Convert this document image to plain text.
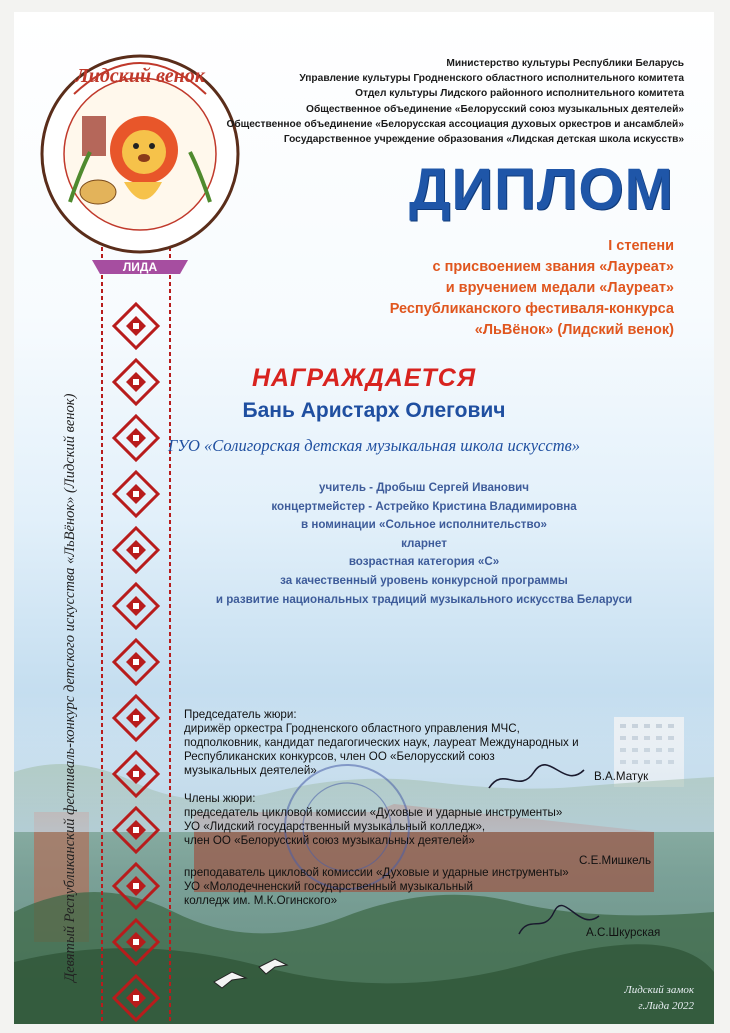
ЛИДА
Лидский венок
Девятый Республиканский фестиваль-конкурс детского искусства «ЛьВёнок» (Лидский венок)
Министерство культуры Республики Беларусь
Управление культуры Гродненского областного исполнительного комитета
Отдел культуры Лидского районного исполнительного комитета
Общественное объединение «Белорусский союз музыкальных деятелей»
Общественное объединение «Белорусская ассоциация духовых оркестров и ансамблей»
Государственное учреждение образования «Лидская детская школа искусств»
ДИПЛОМ
I степени
с присвоением звания «Лауреат»
и вручением медали «Лауреат»
Республиканского фестиваля-конкурса
«ЛьВёнок» (Лидский венок)
НАГРАЖДАЕТСЯ
Бань Аристарх Олегович
ГУО «Солигорская детская музыкальная школа искусств»
учитель - Дробыш Сергей Иванович
концертмейстер - Астрейко Кристина Владимировна
в номинации «Сольное исполнительство»
кларнет
возрастная категория «С»
за качественный уровень конкурсной программы
и развитие национальных традиций музыкального искусства Беларуси
Председатель жюри:
дирижёр оркестра Гродненского областного управления МЧС,
подполковник, кандидат педагогических наук, лауреат Международных и
Республиканских конкурсов, член ОО «Белорусский союз
музыкальных деятелей»
Члены жюри:
председатель цикловой комиссии «Духовые и ударные инструменты»
УО «Лидский государственный музыкальный колледж»,
член ОО «Белорусский союз музыкальных деятелей»
преподаватель цикловой комиссии «Духовые и ударные инструменты»
УО «Молодечненский государственный музыкальный
колледж им. М.К.Огинского»
В.А.Матук
С.Е.Мишкель
А.С.Шкурская
Лидский замок
г.Лида 2022
